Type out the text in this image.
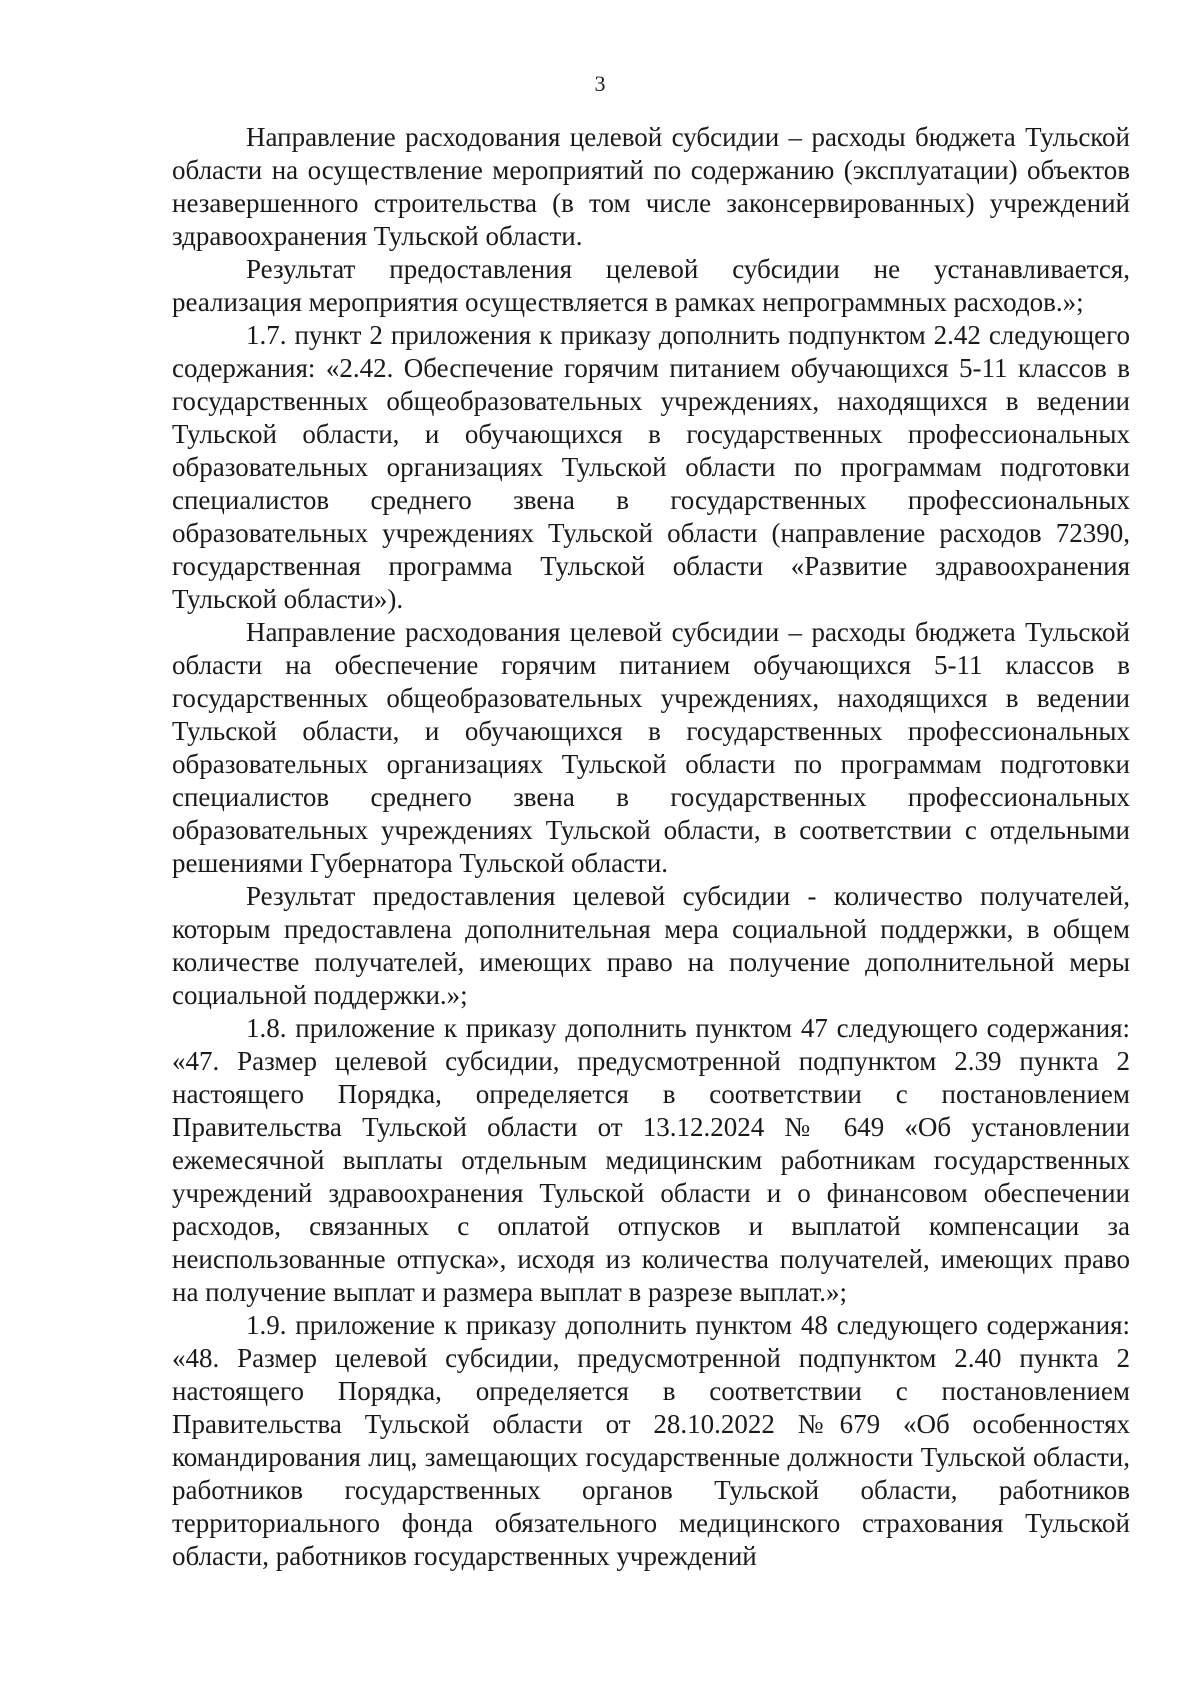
3

Направление расходования целевой субсидии – расходы бюджета Тульской области на осуществление мероприятий по содержанию (эксплуатации) объектов незавершенного строительства (в том числе законсервированных) учреждений здравоохранения Тульской области.

Результат предоставления целевой субсидии не устанавливается, реализация мероприятия осуществляется в рамках непрограммных расходов.»;

1.7. пункт 2 приложения к приказу дополнить подпунктом 2.42 следующего содержания: «2.42. Обеспечение горячим питанием обучающихся 5-11 классов в государственных общеобразовательных учреждениях, находящихся в ведении Тульской области, и обучающихся в государственных профессиональных образовательных организациях Тульской области по программам подготовки специалистов среднего звена в государственных профессиональных образовательных учреждениях Тульской области (направление расходов 72390, государственная программа Тульской области «Развитие здравоохранения Тульской области»).

Направление расходования целевой субсидии – расходы бюджета Тульской области на обеспечение горячим питанием обучающихся 5-11 классов в государственных общеобразовательных учреждениях, находящихся в ведении Тульской области, и обучающихся в государственных профессиональных образовательных организациях Тульской области по программам подготовки специалистов среднего звена в государственных профессиональных образовательных учреждениях Тульской области, в соответствии с отдельными решениями Губернатора Тульской области.

Результат предоставления целевой субсидии - количество получателей, которым предоставлена дополнительная мера социальной поддержки, в общем количестве получателей, имеющих право на получение дополнительной меры социальной поддержки.»;

1.8. приложение к приказу дополнить пунктом 47 следующего содержания: «47. Размер целевой субсидии, предусмотренной подпунктом 2.39 пункта 2 настоящего Порядка, определяется в соответствии с постановлением Правительства Тульской области от 13.12.2024 № 649 «Об установлении ежемесячной выплаты отдельным медицинским работникам государственных учреждений здравоохранения Тульской области и о финансовом обеспечении расходов, связанных с оплатой отпусков и выплатой компенсации за неиспользованные отпуска», исходя из количества получателей, имеющих право на получение выплат и размера выплат в разрезе выплат.»;

1.9. приложение к приказу дополнить пунктом 48 следующего содержания: «48. Размер целевой субсидии, предусмотренной подпунктом 2.40 пункта 2 настоящего Порядка, определяется в соответствии с постановлением Правительства Тульской области от 28.10.2022 №679 «Об особенностях командирования лиц, замещающих государственные должности Тульской области, работников государственных органов Тульской области, работников территориального фонда обязательного медицинского страхования Тульской области, работников государственных учреждений
